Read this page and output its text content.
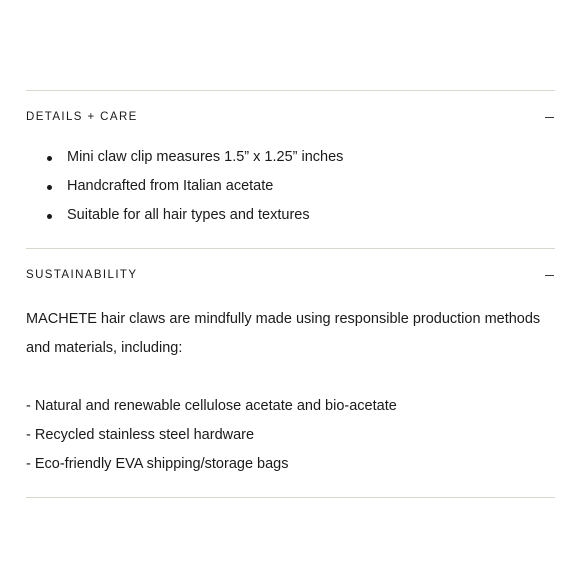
DETAILS + CARE
Mini claw clip measures 1.5” x 1.25” inches
Handcrafted from Italian acetate
Suitable for all hair types and textures
SUSTAINABILITY

MACHETE hair claws are mindfully made using responsible production methods and materials, including:

- Natural and renewable cellulose acetate and bio-acetate
- Recycled stainless steel hardware
- Eco-friendly EVA shipping/storage bags
